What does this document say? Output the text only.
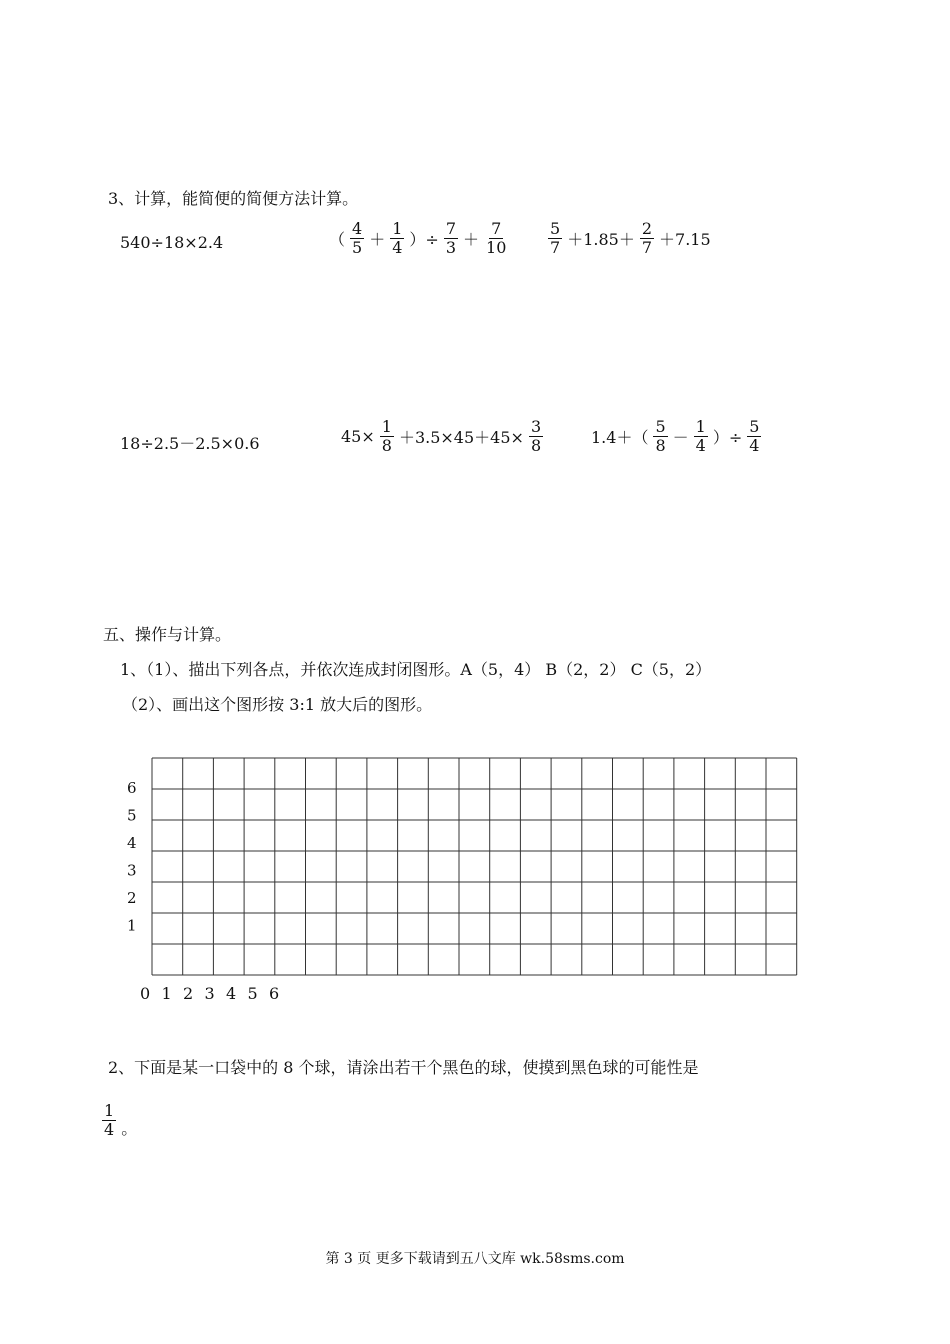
3、计算，能简便的简便方法计算。
540÷18×2.4	（ $\frac{4}{5} + \frac{1}{4}$ ）÷ $\frac{7}{3} + \frac{7}{10} \frac{5}{7} +1.85+ \frac{2}{7} +7.15$
18÷2.5－2.5×0.6	$45\times \frac{1}{8} +3.5\times 45+45\times \frac{3}{8}$	$1.4+( \frac{5}{8} - \frac{1}{4}$ ）÷ $\frac{5}{4}$
五、操作与计算。
1、（1）、描出下列各点，并依次连成封闭图形。A（5，4） B（2，2） C（5，2）
（2）、画出这个图形按 3:1 放大后的图形。
6
5
4
3
2
1
0 1 2 3 4 5 6
2、下面是某一口袋中的 8 个球，请涂出若干个黑色的球，使摸到黑色球的可能性是
$\frac{1}{4}$ 。
第 3 页 更多下载请到五八文库 wk.58sms.com
